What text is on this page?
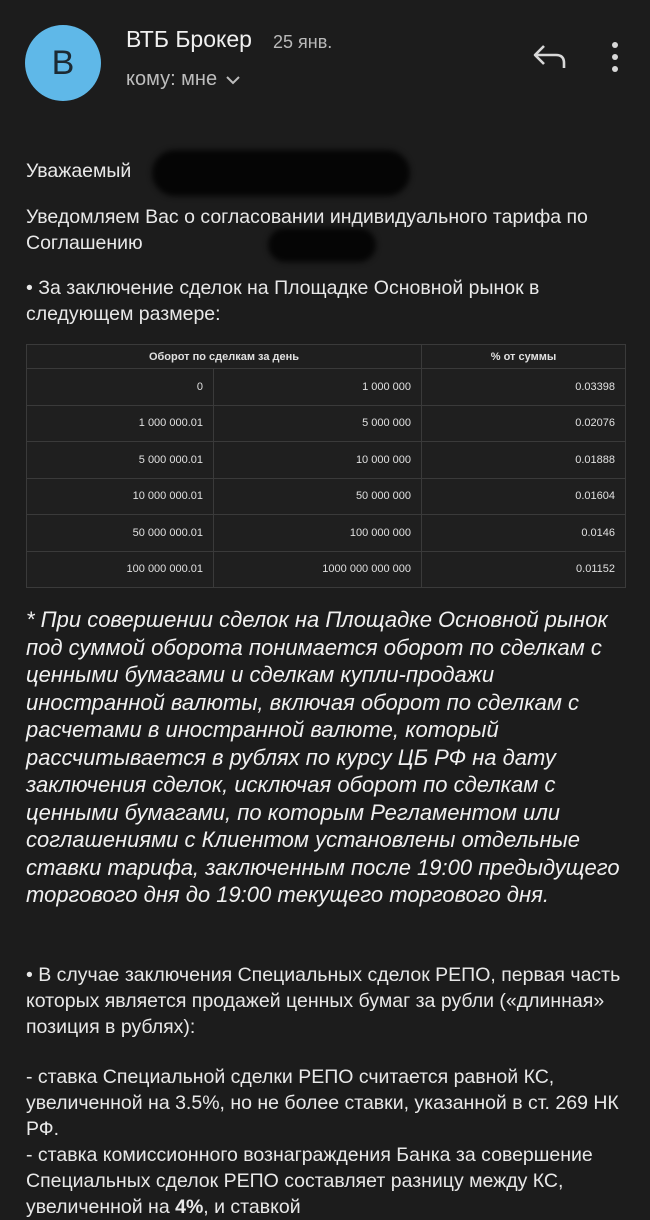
В
ВТБ Брокер 25 янв.
кому: мне
Уважаемый
Уведомляем Вас о согласовании индивидуального тарифа по Соглашению
• За заключение сделок на Площадке Основной рынок в следующем размере:
Оборот по сделкам за день		% от суммы
0	1 000 000	0.03398
1 000 000.01	5 000 000	0.02076
5 000 000.01	10 000 000	0.01888
10 000 000.01	50 000 000	0.01604
50 000 000.01	100 000 000	0.0146
100 000 000.01	1000 000 000 000	0.01152
* При совершении сделок на Площадке Основной рынок под суммой оборота понимается оборот по сделкам с ценными бумагами и сделкам купли-продажи иностранной валюты, включая оборот по сделкам с расчетами в иностранной валюте, который рассчитывается в рублях по курсу ЦБ РФ на дату заключения сделок, исключая оборот по сделкам с ценными бумагами, по которым Регламентом или соглашениями с Клиентом установлены отдельные ставки тарифа, заключенным после 19:00 предыдущего торгового дня до 19:00 текущего торгового дня.
• В случае заключения Специальных сделок РЕПО, первая часть которых является продажей ценных бумаг за рубли («длинная» позиция в рублях):
- ставка Специальной сделки РЕПО считается равной КС, увеличенной на 3.5%, но не более ставки, указанной в ст. 269 НК РФ.
- ставка комиссионного вознаграждения Банка за совершение Специальных сделок РЕПО составляет разницу между КС, увеличенной на 4%, и ставкой
